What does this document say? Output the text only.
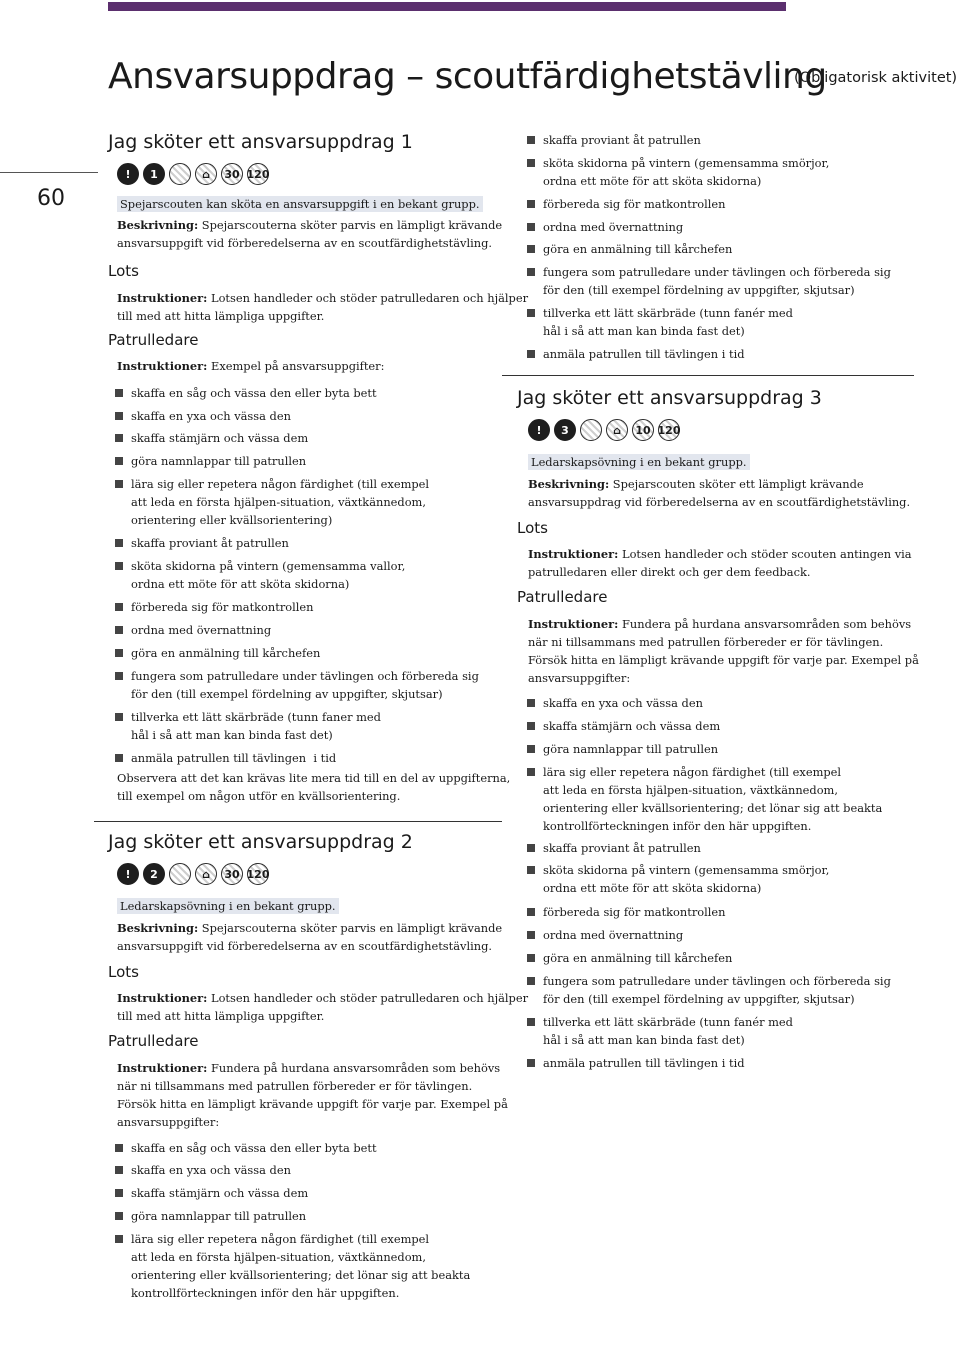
Ansvarsuppdrag – scoutfärdighetstävling
(Obligatorisk aktivitet)
60
Jag sköter ett ansvarsuppdrag 1
!	1	⌂	30 120
Spejarscouten kan sköta en ansvarsuppgift i en bekant grupp.
Beskrivning: Spejarscouterna sköter parvis en lämpligt krävande
ansvarsuppgift vid förberedelserna av en scoutfärdighetstävling.
Lots
Instruktioner: Lotsen handleder och stöder patrulledaren och hjälper
till med att hitta lämpliga uppgifter.
Patrulledare
Instruktioner: Exempel på ansvarsuppgifter:
skaffa en såg och vässa den eller byta bett
skaffa en yxa och vässa den
skaffa stämjärn och vässa dem
göra namnlappar till patrullen
lära sig eller repetera någon färdighet (till exempel
att leda en första hjälpen-situation, växtkännedom,
orientering eller kvällsorientering)
skaffa proviant åt patrullen
sköta skidorna på vintern (gemensamma vallor,
ordna ett möte för att sköta skidorna)
förbereda sig för matkontrollen
ordna med övernattning
göra en anmälning till kårchefen
fungera som patrulledare under tävlingen och förbereda sig
för den (till exempel fördelning av uppgifter, skjutsar)
tillverka ett lätt skärbräde (tunn faner med
hål i så att man kan binda fast det)
anmäla patrullen till tävlingen  i tid
Observera att det kan krävas lite mera tid till en del av uppgifterna,
till exempel om någon utför en kvällsorientering.
Jag sköter ett ansvarsuppdrag 2
!	2	⌂	30 120
Ledarskapsövning i en bekant grupp.
Beskrivning: Spejarscouterna sköter parvis en lämpligt krävande
ansvarsuppgift vid förberedelserna av en scoutfärdighetstävling.
Lots
Instruktioner: Lotsen handleder och stöder patrulledaren och hjälper
till med att hitta lämpliga uppgifter.
Patrulledare
Instruktioner: Fundera på hurdana ansvarsområden som behövs
när ni tillsammans med patrullen förbereder er för tävlingen.
Försök hitta en lämpligt krävande uppgift för varje par. Exempel på
ansvarsuppgifter:
skaffa en såg och vässa den eller byta bett
skaffa en yxa och vässa den
skaffa stämjärn och vässa dem
göra namnlappar till patrullen
lära sig eller repetera någon färdighet (till exempel
att leda en första hjälpen-situation, växtkännedom,
orientering eller kvällsorientering; det lönar sig att beakta
kontrollförteckningen inför den här uppgiften.
skaffa proviant åt patrullen
sköta skidorna på vintern (gemensamma smörjor,
ordna ett möte för att sköta skidorna)
förbereda sig för matkontrollen
ordna med övernattning
göra en anmälning till kårchefen
fungera som patrulledare under tävlingen och förbereda sig
för den (till exempel fördelning av uppgifter, skjutsar)
tillverka ett lätt skärbräde (tunn fanér med
hål i så att man kan binda fast det)
anmäla patrullen till tävlingen i tid
Jag sköter ett ansvarsuppdrag 3
!	3	⌂	10 120
Ledarskapsövning i en bekant grupp.
Beskrivning: Spejarscouten sköter ett lämpligt krävande
ansvarsuppdrag vid förberedelserna av en scoutfärdighetstävling.
Lots
Instruktioner: Lotsen handleder och stöder scouten antingen via
patrulledaren eller direkt och ger dem feedback.
Patrulledare
Instruktioner: Fundera på hurdana ansvarsområden som behövs
när ni tillsammans med patrullen förbereder er för tävlingen.
Försök hitta en lämpligt krävande uppgift för varje par. Exempel på
ansvarsuppgifter:
skaffa en yxa och vässa den
skaffa stämjärn och vässa dem
göra namnlappar till patrullen
lära sig eller repetera någon färdighet (till exempel
att leda en första hjälpen-situation, växtkännedom,
orientering eller kvällsorientering; det lönar sig att beakta
kontrollförteckningen inför den här uppgiften.
skaffa proviant åt patrullen
sköta skidorna på vintern (gemensamma smörjor,
ordna ett möte för att sköta skidorna)
förbereda sig för matkontrollen
ordna med övernattning
göra en anmälning till kårchefen
fungera som patrulledare under tävlingen och förbereda sig
för den (till exempel fördelning av uppgifter, skjutsar)
tillverka ett lätt skärbräde (tunn fanér med
hål i så att man kan binda fast det)
anmäla patrullen till tävlingen i tid
